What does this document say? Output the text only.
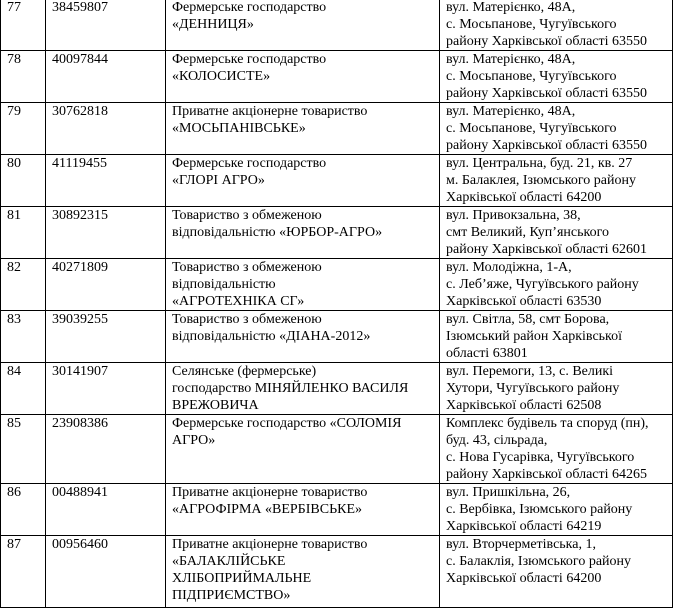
77	38459807	Фермерське господарство
«ДЕННИЦЯ»	вул. Матерієнко, 48А,
с. Мосьпанове, Чугуївського
району Харківської області 63550
78	40097844	Фермерське господарство
«КОЛОСИСТЕ»	вул. Матерієнко, 48А,
с. Мосьпанове, Чугуївського
району Харківської області 63550
79	30762818	Приватне акціонерне товариство
«МОСЬПАНІВСЬКЕ»	вул. Матерієнко, 48А,
с. Мосьпанове, Чугуївського
району Харківської області 63550
80	41119455	Фермерське господарство
«ГЛОРІ АГРО»	вул. Центральна, буд. 21, кв. 27
м. Балаклея, Ізюмського району
Харківської області 64200
81	30892315	Товариство з обмеженою
відповідальністю «ЮРБОР-АГРО»	вул. Привокзальна, 38,
смт Великий, Куп’янського
району Харківської області 62601
82	40271809	Товариство з обмеженою
відповідальністю
«АГРОТЕХНІКА СГ»	вул. Молодіжна, 1-А,
с. Леб’яже, Чугуївського району
Харківської області 63530
83	39039255	Товариство з обмеженою
відповідальністю «ДІАНА-2012»	вул. Світла, 58, смт Борова,
Ізюмський район Харківської
області 63801
84	30141907	Селянське (фермерське)
господарство МІНЯЙЛЕНКО ВАСИЛЯ
ВРЕЖОВИЧА	вул. Перемоги, 13, с. Великі
Хутори, Чугуївського району
Харківської області 62508
85	23908386	Фермерське господарство «СОЛОМІЯ
АГРО»	Комплекс будівель та споруд (пн),
буд. 43, сільрада,
с. Нова Гусарівка, Чугуївського
району Харківської області 64265
86	00488941	Приватне акціонерне товариство
«АГРОФІРМА «ВЕРБІВСЬКЕ»	вул. Пришкільна, 26,
с. Вербівка, Ізюмського району
Харківської області 64219
87	00956460	Приватне акціонерне товариство
«БАЛАКЛІЙСЬКЕ
ХЛІБОПРИЙМАЛЬНЕ
ПІДПРИЄМСТВО»	вул. Вторчерметівська, 1,
с. Балаклія, Ізюмського району
Харківської області 64200
